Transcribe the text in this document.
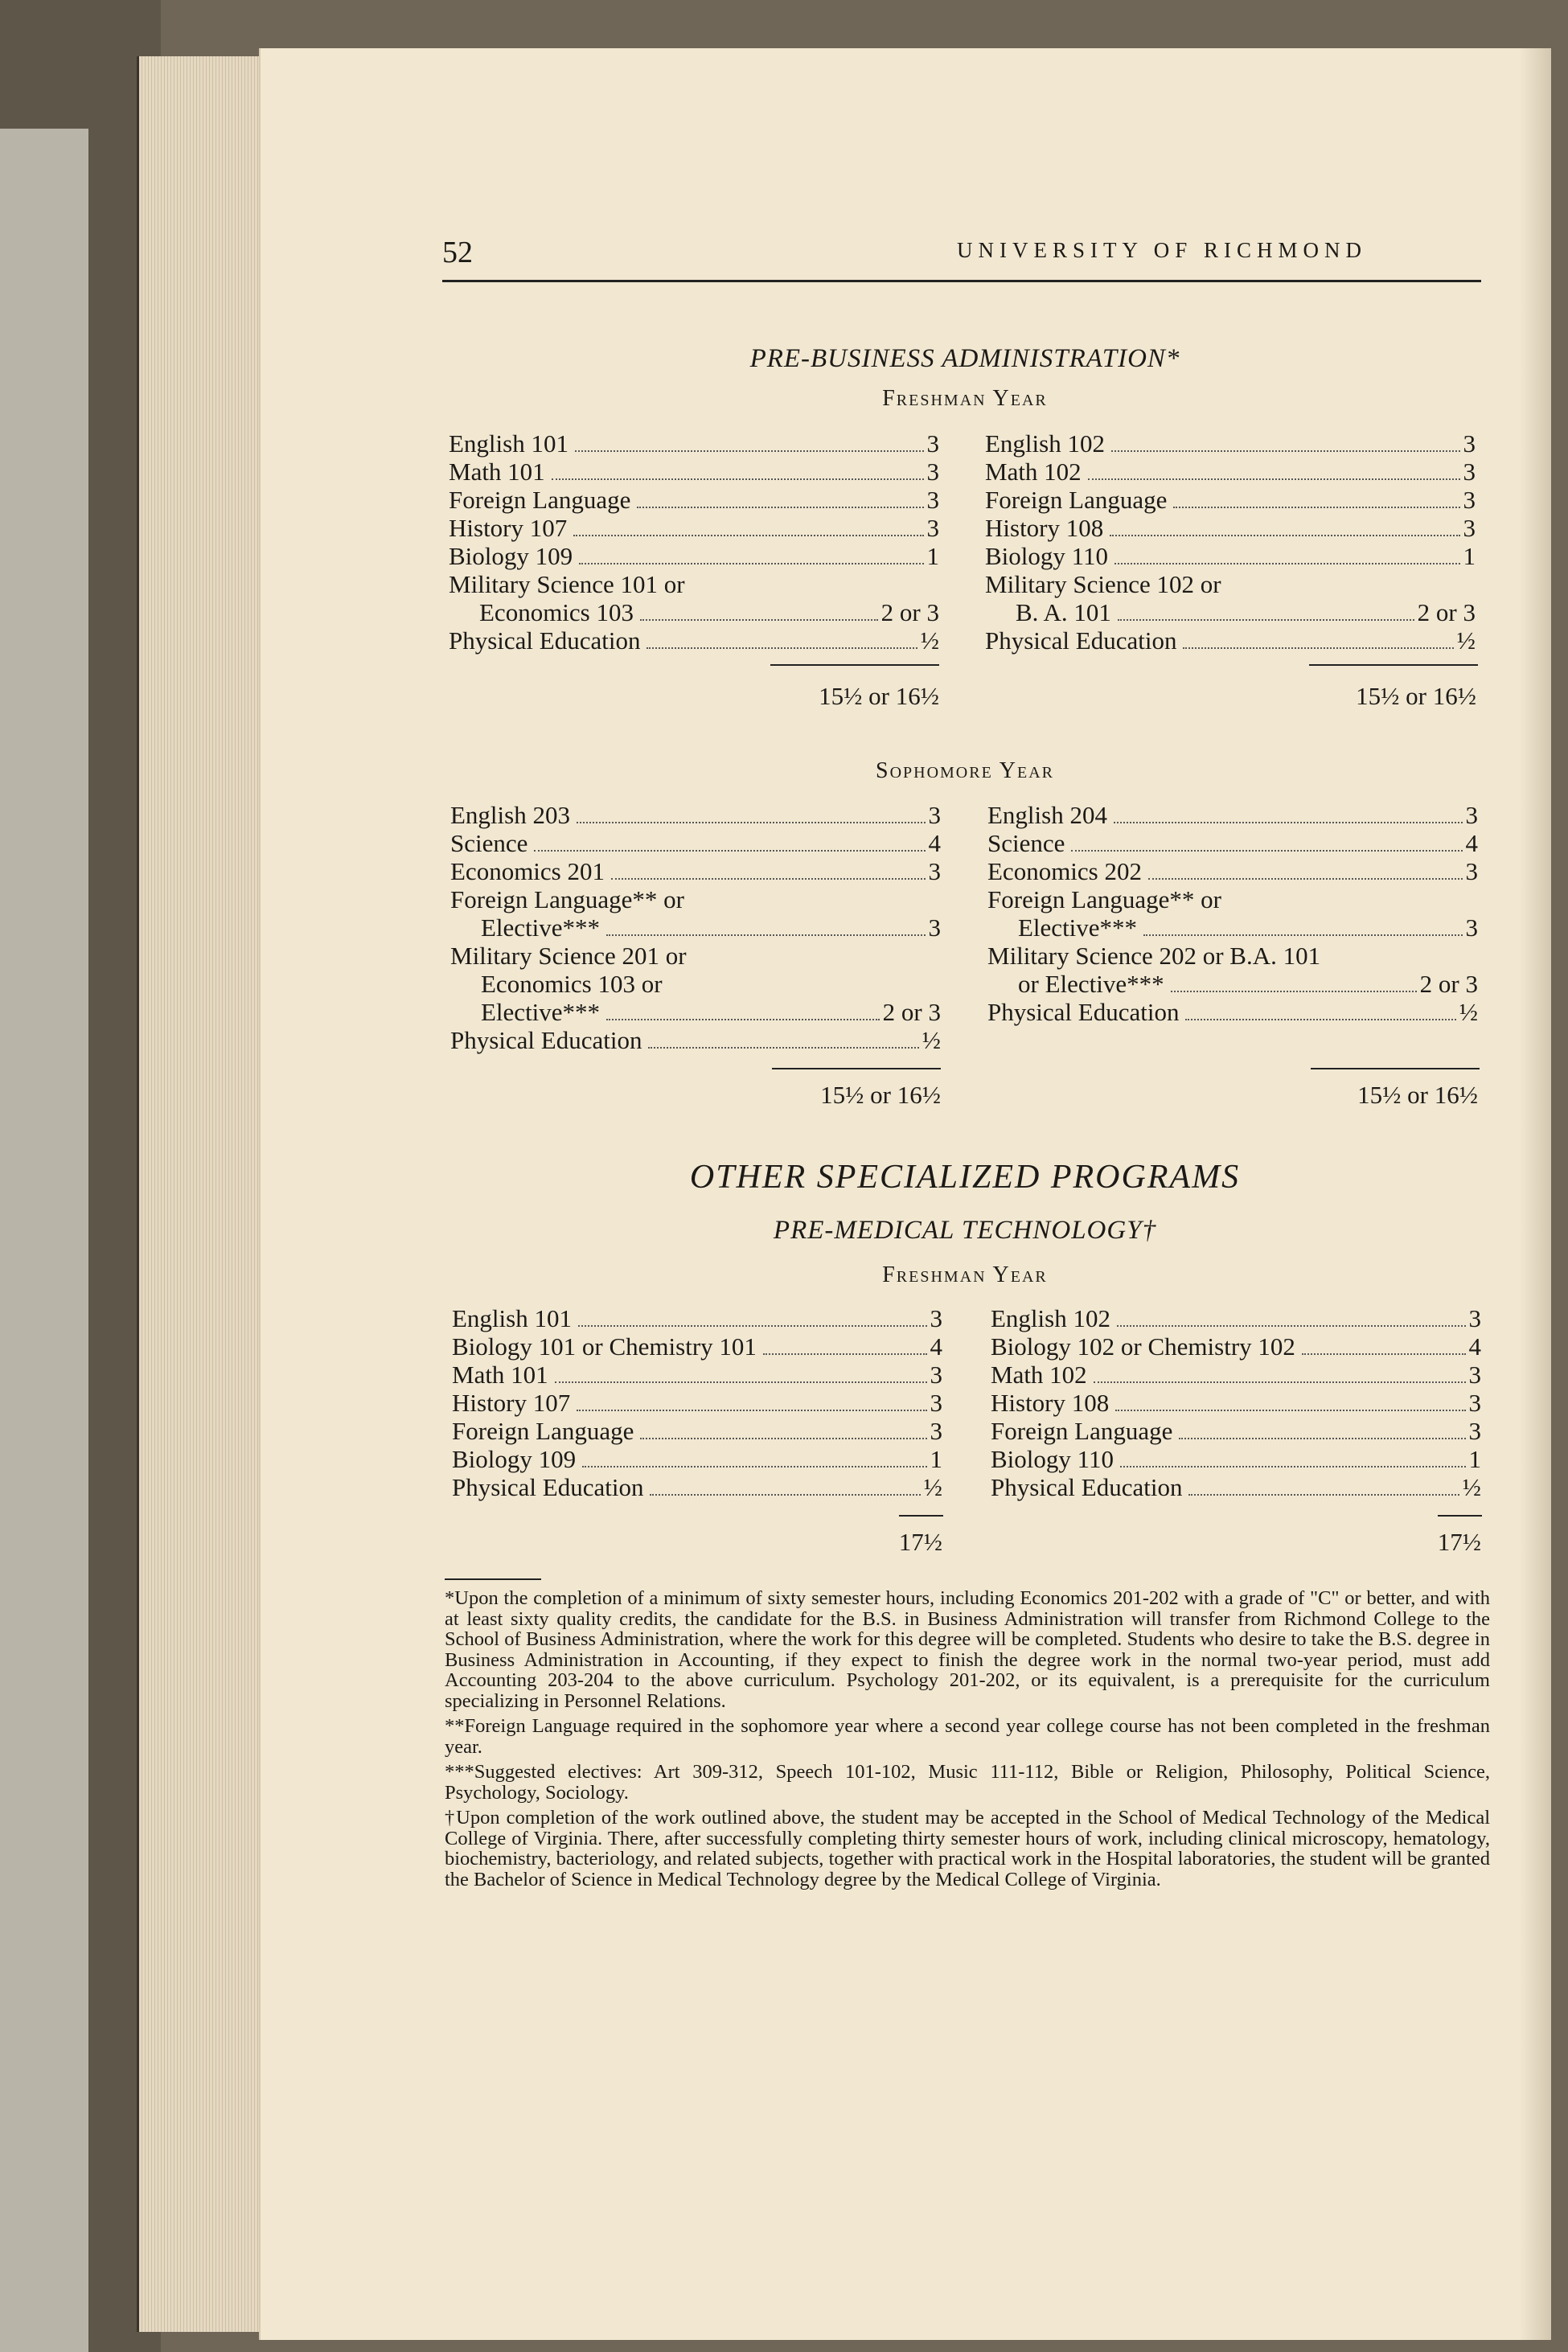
52	UNIVERSITY OF RICHMOND
PRE-BUSINESS ADMINISTRATION*
Freshman Year
English 101	3
Math 101	3
Foreign Language	3
History 107	3
Biology 109	1
Military Science 101 or
Economics 103	2 or 3
Physical Education	½
15½ or 16½
English 102	3
Math 102	3
Foreign Language	3
History 108	3
Biology 110	1
Military Science 102 or
B. A. 101	2 or 3
Physical Education	½
15½ or 16½
Sophomore Year
English 203	3
Science	4
Economics 201	3
Foreign Language** or
Elective***	3
Military Science 201 or
Economics 103 or
Elective***	2 or 3
Physical Education	½
15½ or 16½
English 204	3
Science	4
Economics 202	3
Foreign Language** or
Elective***	3
Military Science 202 or B.A. 101
or Elective***	2 or 3
Physical Education	½
15½ or 16½
OTHER SPECIALIZED PROGRAMS
PRE-MEDICAL TECHNOLOGY†
Freshman Year
English 101	3
Biology 101 or Chemistry 101	4
Math 101	3
History 107	3
Foreign Language	3
Biology 109	1
Physical Education	½
17½
English 102	3
Biology 102 or Chemistry 102	4
Math 102	3
History 108	3
Foreign Language	3
Biology 110	1
Physical Education	½
17½

*Upon the completion of a minimum of sixty semester hours, including Economics 201-202 with a grade of "C" or better, and with at least sixty quality credits, the candidate for the B.S. in Business Administration will transfer from Richmond College to the School of Business Administration, where the work for this degree will be completed. Students who desire to take the B.S. degree in Business Administration in Accounting, if they expect to finish the degree work in the normal two-year period, must add Accounting 203-204 to the above curriculum. Psychology 201-202, or its equivalent, is a prerequisite for the curriculum specializing in Personnel Relations.

**Foreign Language required in the sophomore year where a second year college course has not been completed in the freshman year.

***Suggested electives: Art 309-312, Speech 101-102, Music 111-112, Bible or Religion, Philosophy, Political Science, Psychology, Sociology.

†Upon completion of the work outlined above, the student may be accepted in the School of Medical Technology of the Medical College of Virginia. There, after successfully completing thirty semester hours of work, including clinical microscopy, hematology, biochemistry, bacteriology, and related subjects, together with practical work in the Hospital laboratories, the student will be granted the Bachelor of Science in Medical Technology degree by the Medical College of Virginia.
